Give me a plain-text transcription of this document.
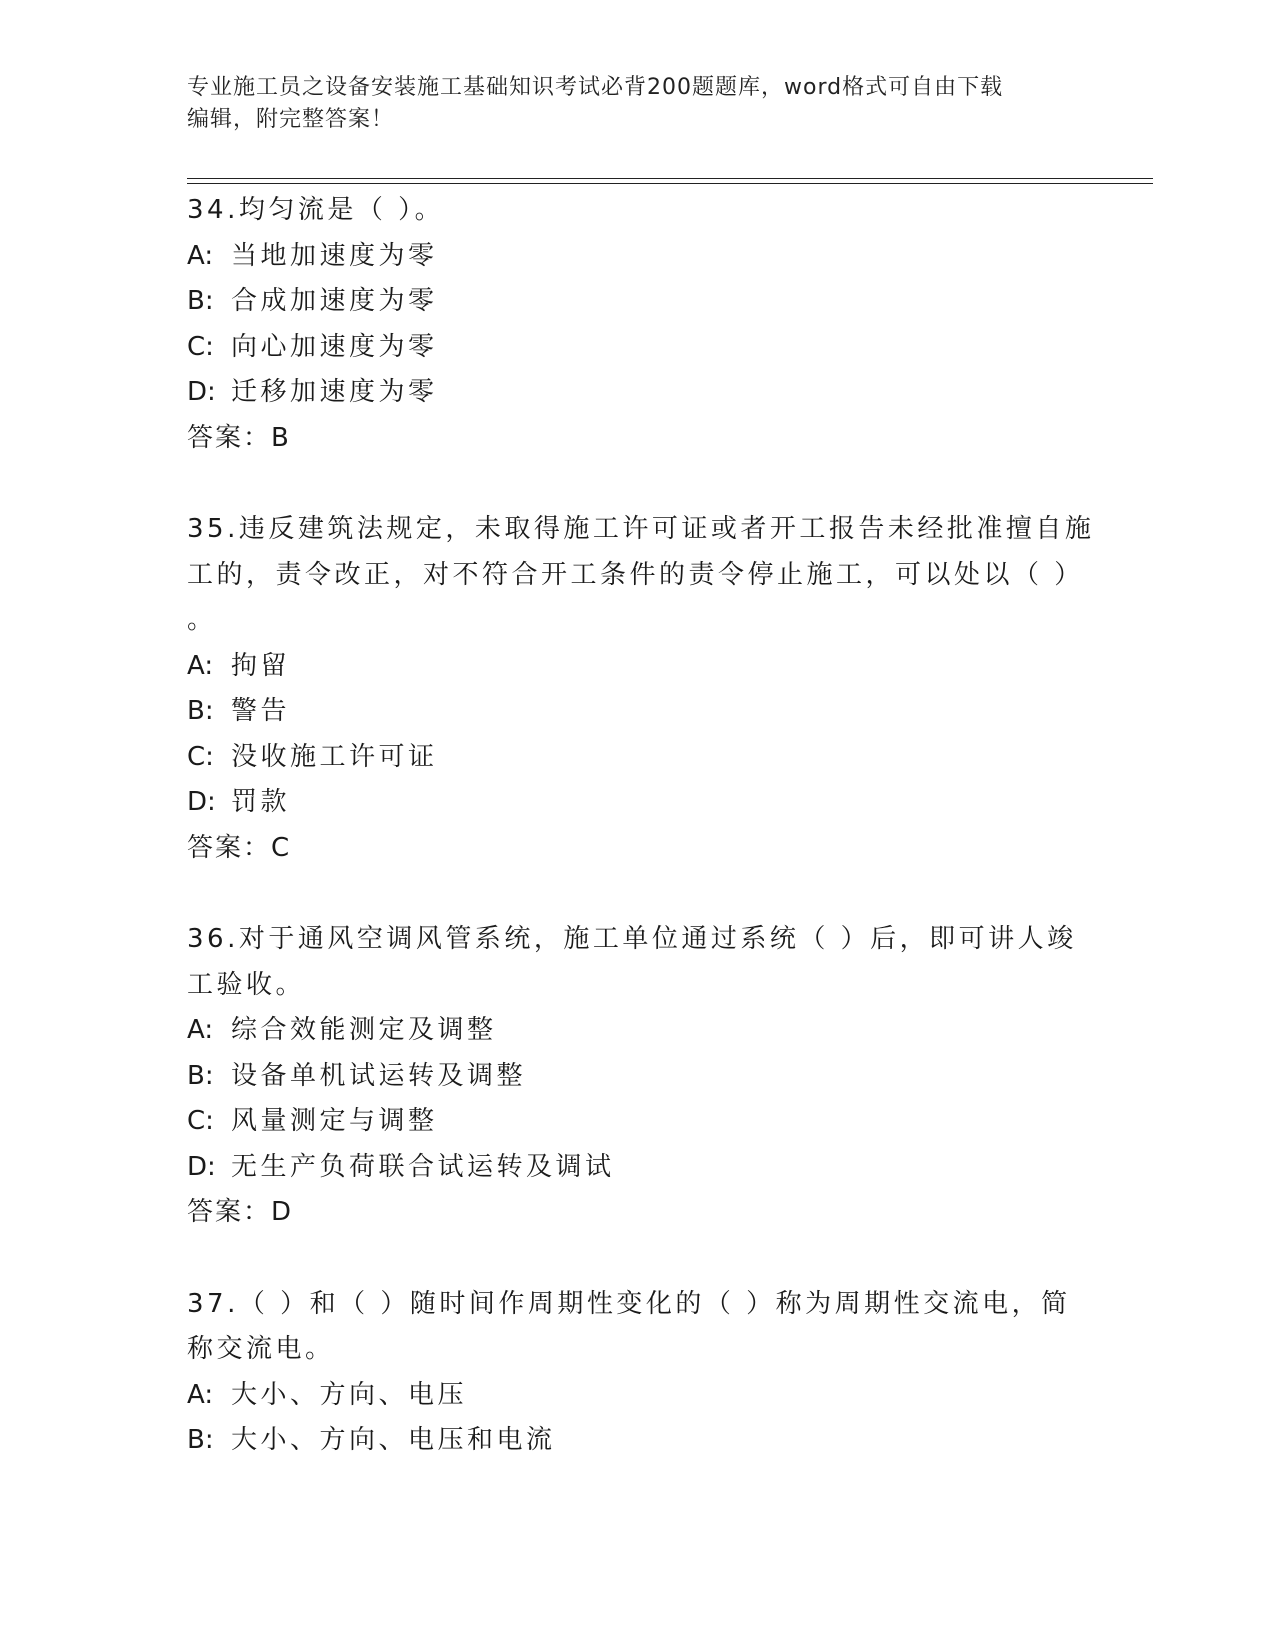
专业施工员之设备安装施工基础知识考试必背200题题库，word格式可自由下载
编辑，附完整答案！
34.均匀流是（ ）。
A: 当地加速度为零
B: 合成加速度为零
C: 向心加速度为零
D: 迁移加速度为零
答案：B
35.违反建筑法规定，未取得施工许可证或者开工报告未经批准擅自施
工的，责令改正，对不符合开工条件的责令停止施工，可以处以（ ）
。
A: 拘留
B: 警告
C: 没收施工许可证
D: 罚款
答案：C
36.对于通风空调风管系统，施工单位通过系统（ ）后，即可讲人竣
工验收。
A: 综合效能测定及调整
B: 设备单机试运转及调整
C: 风量测定与调整
D: 无生产负荷联合试运转及调试
答案：D
37.（ ）和（ ）随时间作周期性变化的（ ）称为周期性交流电，简
称交流电。
A: 大小、方向、电压
B: 大小、方向、电压和电流
